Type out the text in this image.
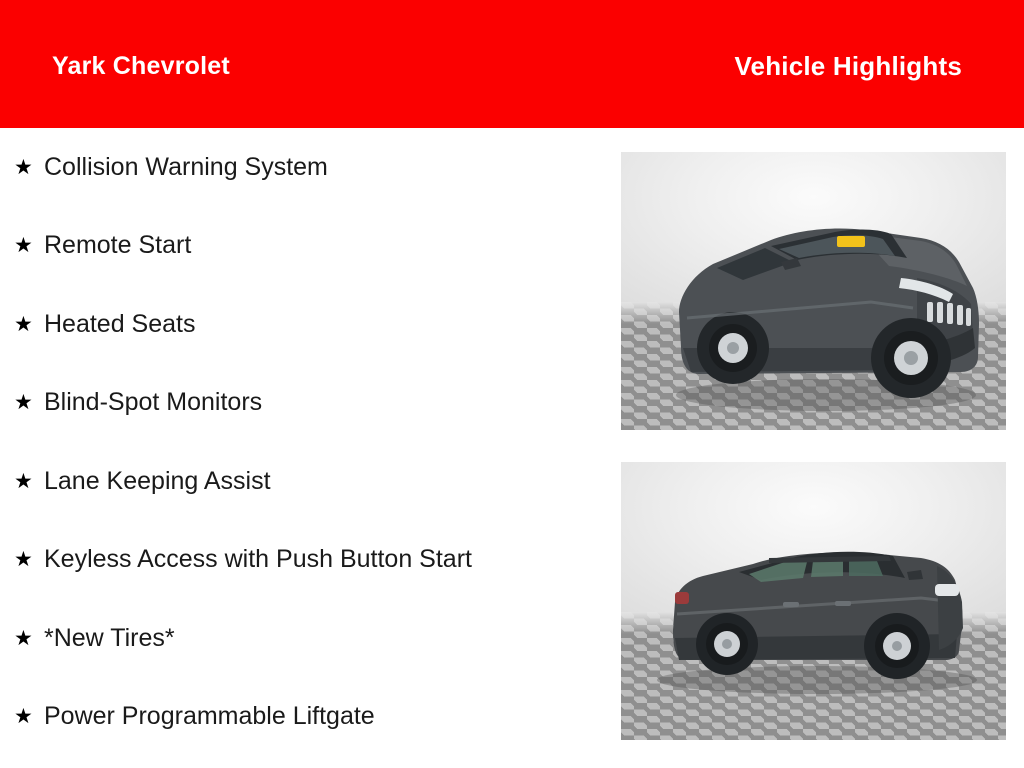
Yark Chevrolet	Vehicle Highlights
★ Collision Warning System
★ Remote Start
★ Heated Seats
★ Blind-Spot Monitors
★ Lane Keeping Assist
★ Keyless Access with Push Button Start
★ *New Tires*
★ Power Programmable Liftgate
